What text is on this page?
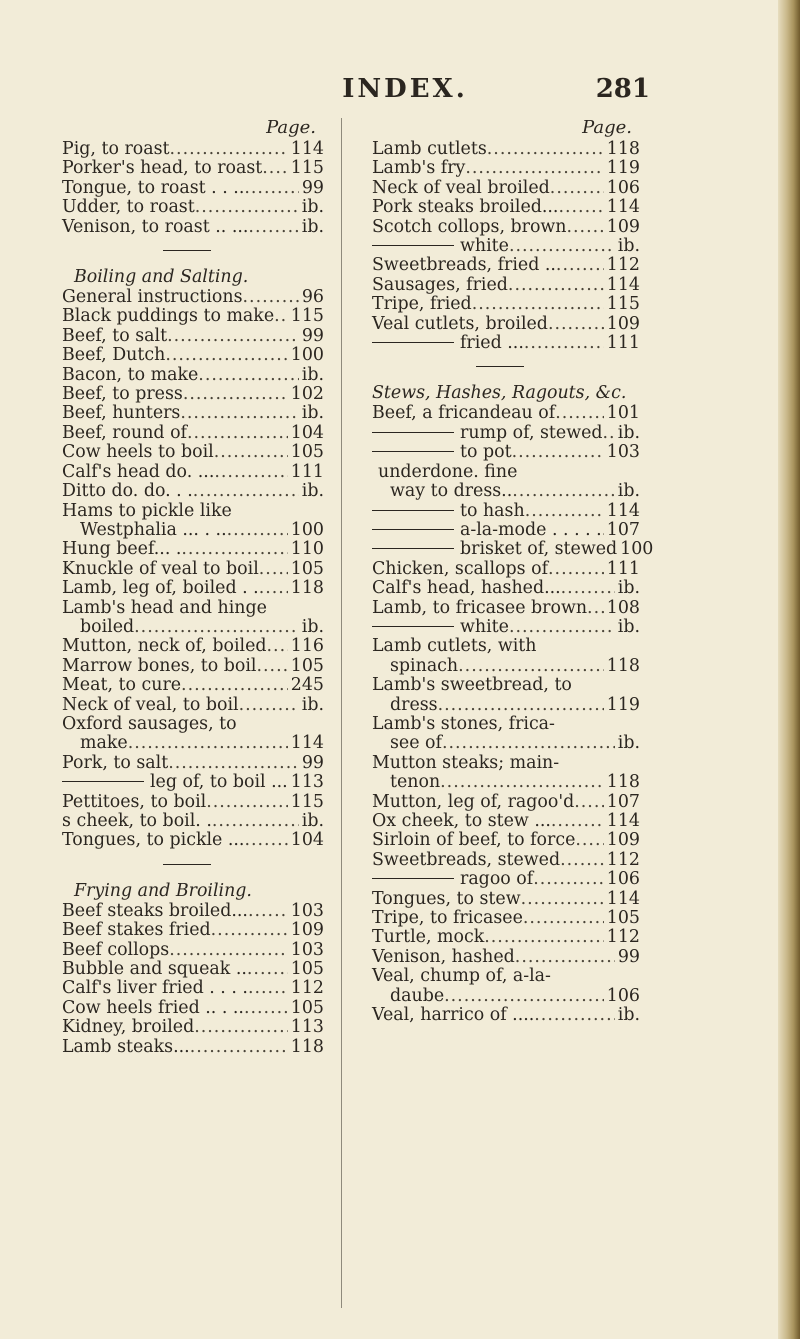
INDEX.	281
Page.
Pig, to roast .....	114
Porker's head, to roast ..... 115
Tongue, to roast . . .. .....	99
Udder, to roast .....	ib.
Venison, to roast .. ... .....	ib.
Boiling and Salting.
General instructions .....	96
Black puddings to make ..... 115
Beef, to salt .....	99
Beef, Dutch .....	100
Bacon, to make .....	ib.
Beef, to press .....	102
Beef, hunters .....	ib.
Beef, round of .....	104
Cow heels to boil .....	105
Calf's head do. ... .....	111
Ditto do. do. . . .....	ib.
Hams to pickle like
Westphalia ... . .. .....	100
Hung beef... . .....	110
Knuckle of veal to boil ..... 105
Lamb, leg of, boiled . . ..... 118
Lamb's head and hinge
boiled .....	ib.
Mutton, neck of, boiled ..... 116
Marrow bones, to boil ..... 105
Meat, to cure .....	245
Neck of veal, to boil .....	ib.
Oxford sausages, to
make .....	114
Pork, to salt .....	99
leg of, to boil ... ..... 113
Pettitoes, to boil .....	115
s cheek, to boil. . .....	ib.
Tongues, to pickle ... .....	104
Frying and Broiling.
Beef steaks broiled... ..... 103
Beef stakes fried .....	109
Beef collops .....	103
Bubble and squeak .. .....	105
Calf's liver fried . . . . ..... 112
Cow heels fried .. . .. .....	105
Kidney, broiled .....	113
Lamb steaks... .....	118
Page.
Lamb cutlets .....	118
Lamb's fry .....	119
Neck of veal broiled .....	106
Pork steaks broiled... .....	114
Scotch collops, brown ..... 109
white .....	ib.
Sweetbreads, fried .. .....	112
Sausages, fried .....	114
Tripe, fried .....	115
Veal cutlets, broiled .....	109
fried ... .....	111
Stews, Hashes, Ragouts, &c.
Beef, a fricandeau of .....	101
rump of, stewed ..... ib.
to pot .....	103
underdone. fine
way to dress.. .....	ib.
to hash .....	114
a-la-mode . . . . . ..... 107
brisket of, stewed 100
Chicken, scallops of .....	111
Calf's head, hashed... .....	ib.
Lamb, to fricasee brown ..... 108
white .....	ib.
Lamb cutlets, with
spinach .....	118
Lamb's sweetbread, to
dress .....	119
Lamb's stones, frica-
see of .....	ib.
Mutton steaks; main-
tenon .....	118
Mutton, leg of, ragoo'd ..... 107
Ox cheek, to stew ... .....	114
Sirloin of beef, to force ..... 109
Sweetbreads, stewed .....	112
ragoo of .....	106
Tongues, to stew .....	114
Tripe, to fricasee .....	105
Turtle, mock .....	112
Venison, hashed .....	99
Veal, chump of, a-la-
daube .....	106
Veal, harrico of .... .....	ib.
